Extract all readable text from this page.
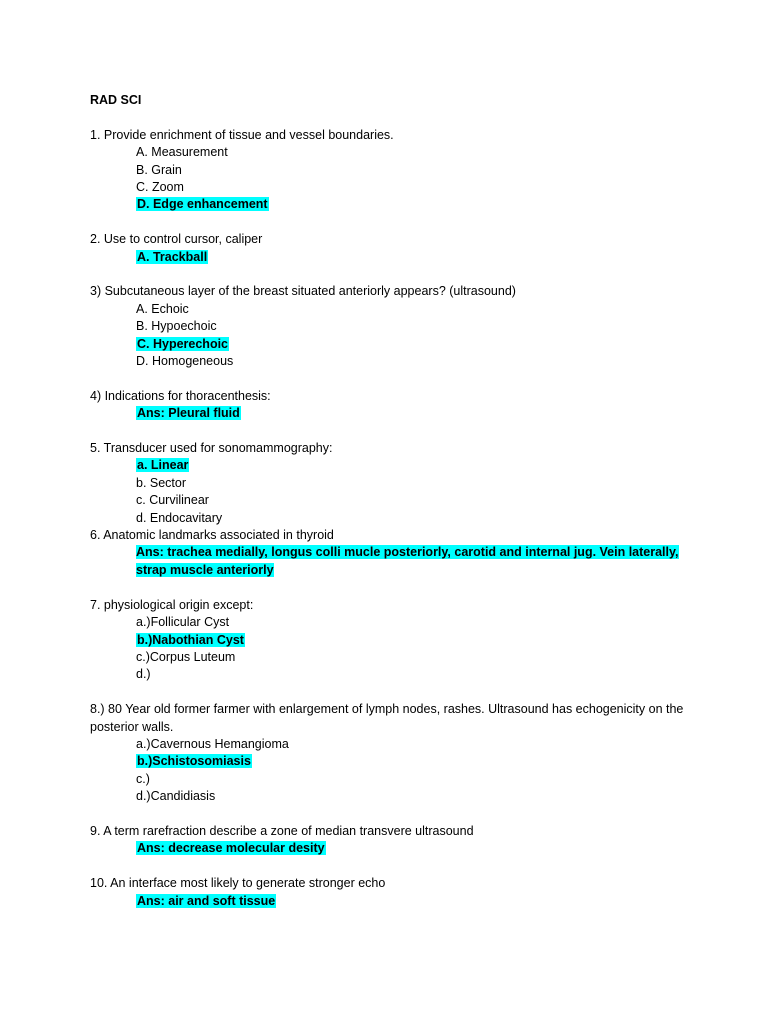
RAD SCI
1. Provide enrichment of tissue and vessel boundaries.
A. Measurement
B. Grain
C. Zoom
D. Edge enhancement
2. Use to control cursor, caliper
A. Trackball
3) Subcutaneous layer of the breast situated anteriorly appears? (ultrasound)
A. Echoic
B. Hypoechoic
C. Hyperechoic
D. Homogeneous
4) Indications for thoracenthesis:
Ans: Pleural fluid
5. Transducer used for sonomammography:
a. Linear
b. Sector
c. Curvilinear
d. Endocavitary
6. Anatomic landmarks associated in thyroid
Ans: trachea medially, longus colli mucle posteriorly, carotid and internal jug. Vein laterally, strap muscle anteriorly
7. physiological origin except:
a.)Follicular Cyst
b.)Nabothian Cyst
c.)Corpus Luteum
d.)
8.) 80 Year old former farmer with enlargement of lymph nodes, rashes. Ultrasound has echogenicity on the posterior walls.
a.)Cavernous Hemangioma
b.)Schistosomiasis
c.)
d.)Candidiasis
9. A term rarefraction describe a zone of median transvere ultrasound
Ans: decrease molecular desity
10. An interface most likely to generate stronger echo
Ans: air and soft tissue
